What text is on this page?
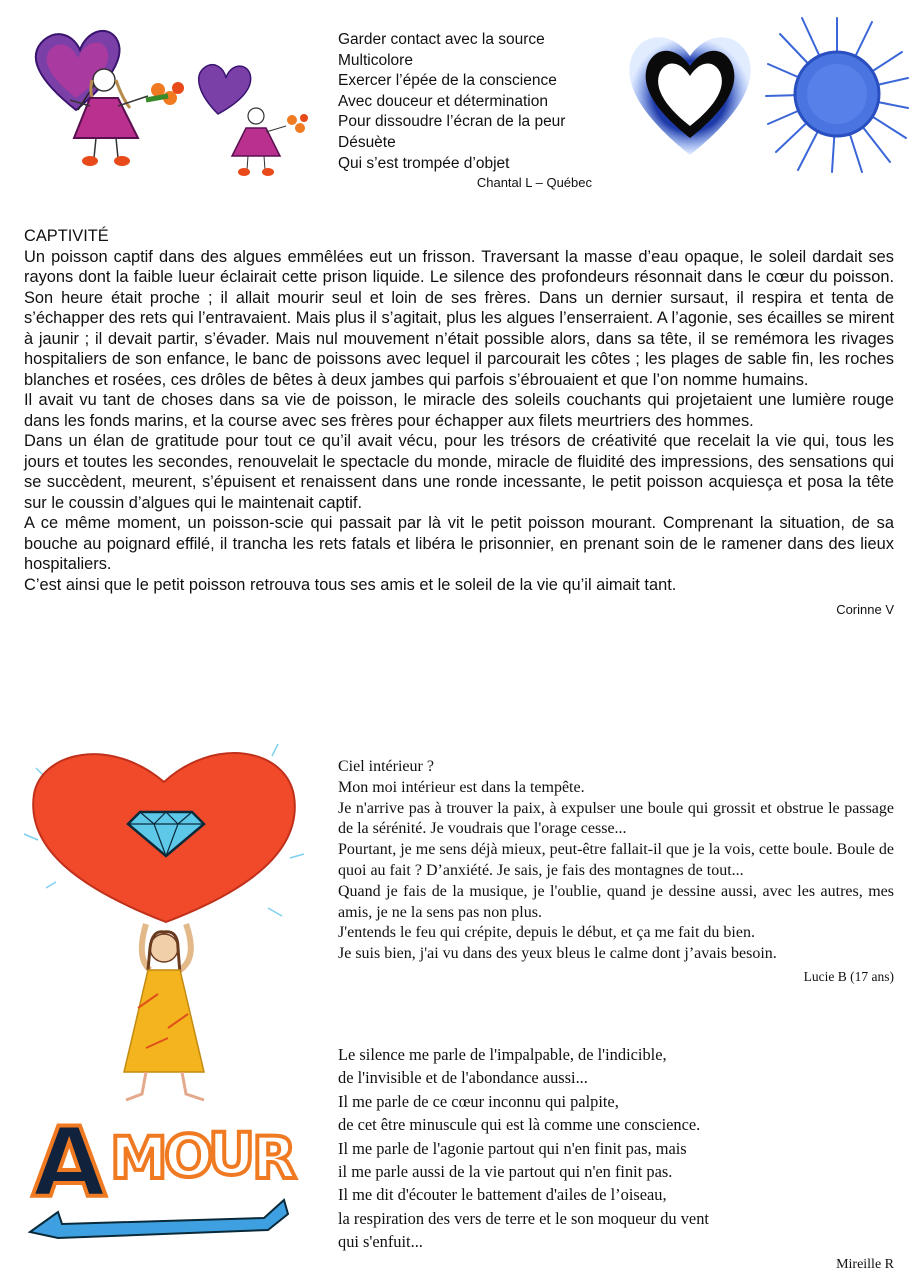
Garder contact avec la source
Multicolore
Exercer l’épée de la conscience
Avec douceur et détermination
Pour dissoudre l’écran de la peur
Désuète
Qui s’est trompée d’objet
Chantal L – Québec
CAPTIVITÉ

Un poisson captif dans des algues emmêlées eut un frisson. Traversant la masse d’eau opaque, le soleil dardait ses rayons dont la faible lueur éclairait cette prison liquide. Le silence des profondeurs résonnait dans le cœur du poisson. Son heure était proche ; il allait mourir seul et loin de ses frères. Dans un dernier sursaut, il respira et tenta de s’échapper des rets qui l’entravaient. Mais plus il s’agitait, plus les algues l’enserraient. A l’agonie, ses écailles se mirent à jaunir ; il devait partir, s’évader. Mais nul mouvement n’était possible alors, dans sa tête, il se remémora les rivages hospitaliers de son enfance, le banc de poissons avec lequel il parcourait les côtes ; les plages de sable fin, les roches blanches et rosées, ces drôles de bêtes à deux jambes qui parfois s’ébrouaient et que l’on nomme humains.

Il avait vu tant de choses dans sa vie de poisson, le miracle des soleils couchants qui projetaient une lumière rouge dans les fonds marins, et la course avec ses frères pour échapper aux filets meurtriers des hommes.

Dans un élan de gratitude pour tout ce qu’il avait vécu, pour les trésors de créativité que recelait la vie qui, tous les jours et toutes les secondes, renouvelait le spectacle du monde, miracle de fluidité des impressions, des sensations qui se succèdent, meurent, s’épuisent et renaissent dans une ronde incessante, le petit poisson acquiesça et posa la tête sur le coussin d’algues qui le maintenait captif.

A ce même moment, un poisson-scie qui passait par là vit le petit poisson mourant. Comprenant la situation, de sa bouche au poignard effilé, il trancha les rets fatals et libéra le prisonnier, en prenant soin de le ramener dans des lieux hospitaliers.

C’est ainsi que le petit poisson retrouva tous ses amis et le soleil de la vie qu’il aimait tant.

Corinne V
A M
O
U
R

Ciel intérieur ?

Mon moi intérieur est dans la tempête.

Je n'arrive pas à trouver la paix, à expulser une boule qui grossit et obstrue le passage de la sérénité. Je voudrais que l'orage cesse...

Pourtant, je me sens déjà mieux, peut-être fallait-il que je la vois, cette boule. Boule de quoi au fait ? D’anxiété. Je sais, je fais des montagnes de tout...

Quand je fais de la musique, je l'oublie, quand je dessine aussi, avec les autres, mes amis, je ne la sens pas non plus.

J'entends le feu qui crépite, depuis le début, et ça me fait du bien.

Je suis bien, j'ai vu dans des yeux bleus le calme dont j’avais besoin.

Lucie B (17 ans)
Le silence me parle de l'impalpable, de l'indicible,
de l'invisible et de l'abondance aussi...
Il me parle de ce cœur inconnu qui palpite,
de cet être minuscule qui est là comme une conscience.
Il me parle de l'agonie partout qui n'en finit pas, mais
il me parle aussi de la vie partout qui n'en finit pas.
Il me dit d'écouter le battement d'ailes de l’oiseau,
la respiration des vers de terre et le son moqueur du vent
qui s'enfuit...
Mireille R
